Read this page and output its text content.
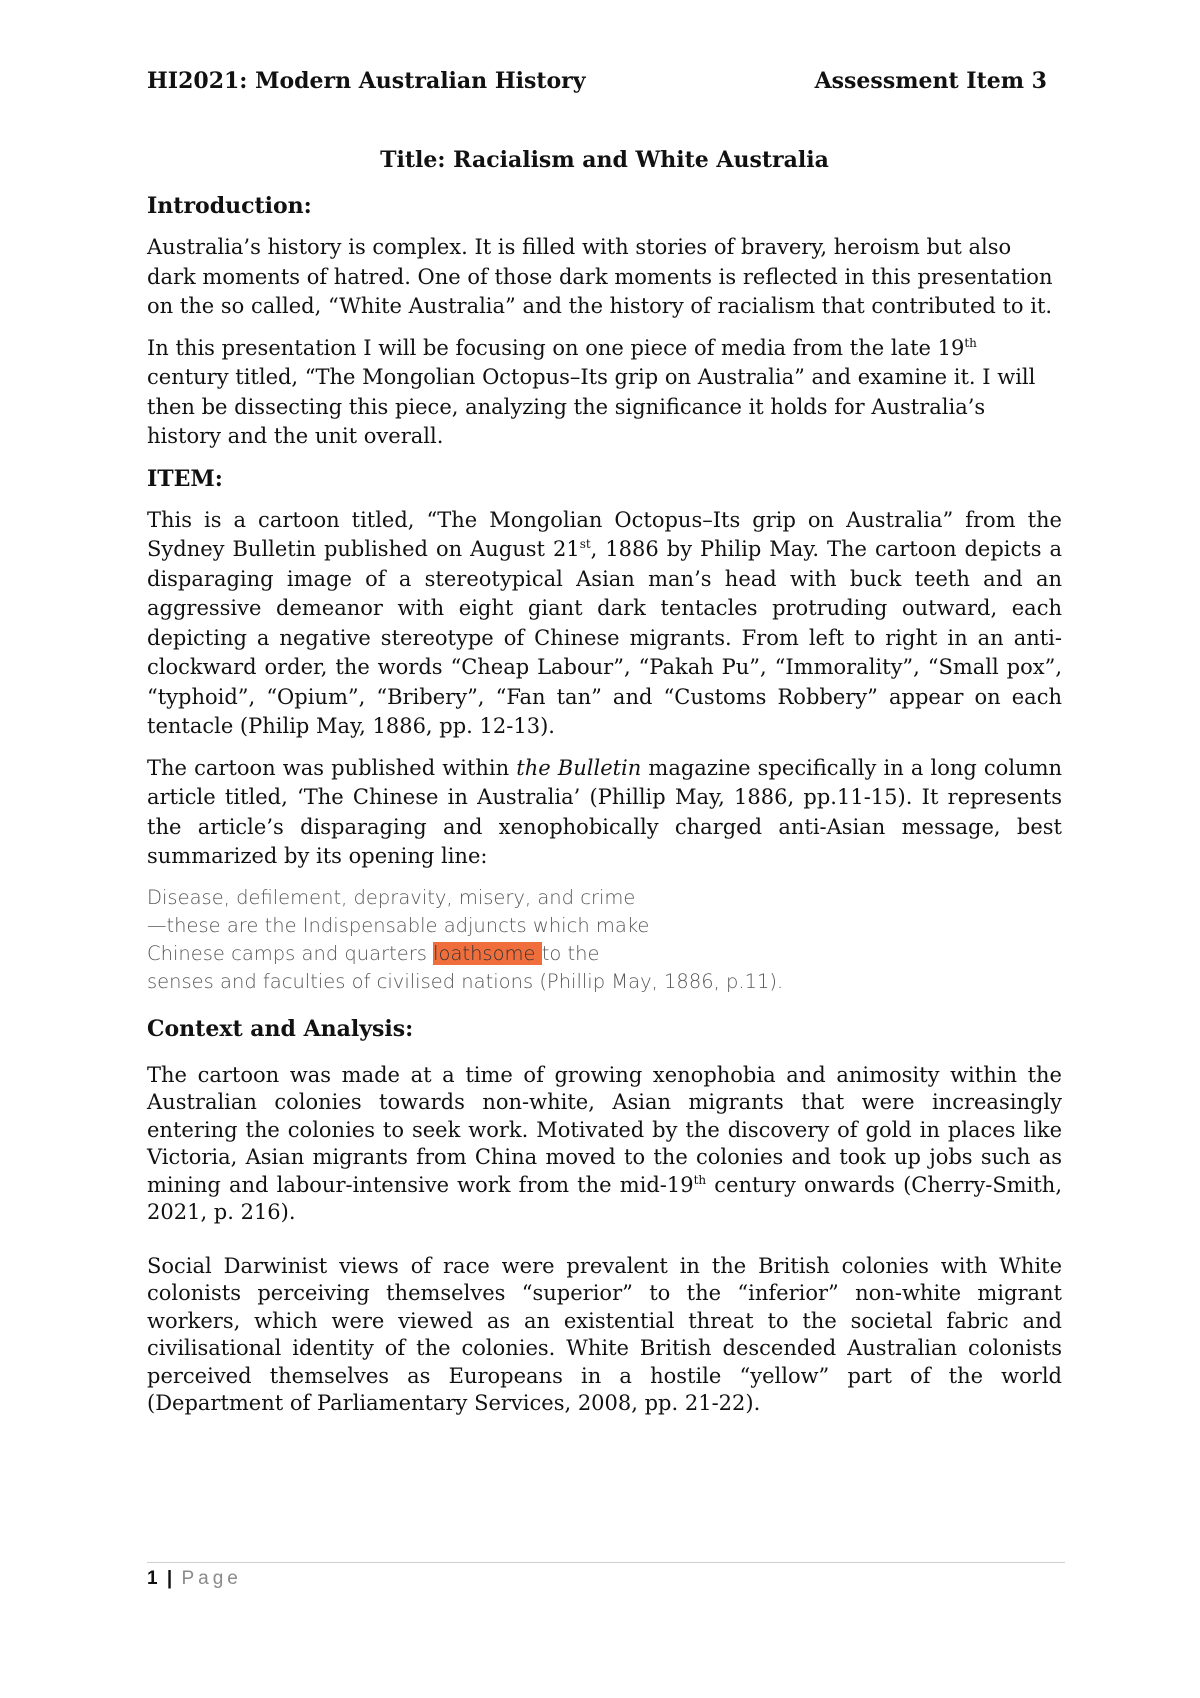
HI2021: Modern Australian History	Assessment Item 3
Title: Racialism and White Australia
Introduction:

Australia’s history is complex. It is filled with stories of bravery, heroism but also dark moments of hatred. One of those dark moments is reflected in this presentation on the so called, “White Australia” and the history of racialism that contributed to it.

In this presentation I will be focusing on one piece of media from the late 19th century titled, “The Mongolian Octopus–Its grip on Australia” and examine it. I will then be dissecting this piece, analyzing the significance it holds for Australia’s history and the unit overall.

ITEM:

This is a cartoon titled, “The Mongolian Octopus–Its grip on Australia” from the Sydney Bulletin published on August 21st, 1886 by Philip May. The cartoon depicts a disparaging image of a stereotypical Asian man’s head with buck teeth and an aggressive demeanor with eight giant dark tentacles protruding outward, each depicting a negative stereotype of Chinese migrants. From left to right in an anti-clockward order, the words “Cheap Labour”, “Pakah Pu”, “Immorality”, “Small pox”, “typhoid”, “Opium”, “Bribery”, “Fan tan” and “Customs Robbery” appear on each tentacle (Philip May, 1886, pp. 12-13).

The cartoon was published within the Bulletin magazine specifically in a long column article titled, ‘The Chinese in Australia’ (Phillip May, 1886, pp.11-15). It represents the article’s disparaging and xenophobically charged anti-Asian message, best summarized by its opening line:

Disease, defilement, depravity, misery, and crime
—these are the Indispensable adjuncts which make
Chinese camps and quarters loathsome to the
senses and faculties of civilised nations (Phillip May, 1886, p.11).
Context and Analysis:

The cartoon was made at a time of growing xenophobia and animosity within the Australian colonies towards non-white, Asian migrants that were increasingly entering the colonies to seek work. Motivated by the discovery of gold in places like Victoria, Asian migrants from China moved to the colonies and took up jobs such as mining and labour-intensive work from the mid-19th century onwards (Cherry-Smith, 2021, p. 216).

Social Darwinist views of race were prevalent in the British colonies with White colonists perceiving themselves “superior” to the “inferior” non-white migrant workers, which were viewed as an existential threat to the societal fabric and civilisational identity of the colonies. White British descended Australian colonists perceived themselves as Europeans in a hostile “yellow” part of the world (Department of Parliamentary Services, 2008, pp. 21-22).

1 | Page
